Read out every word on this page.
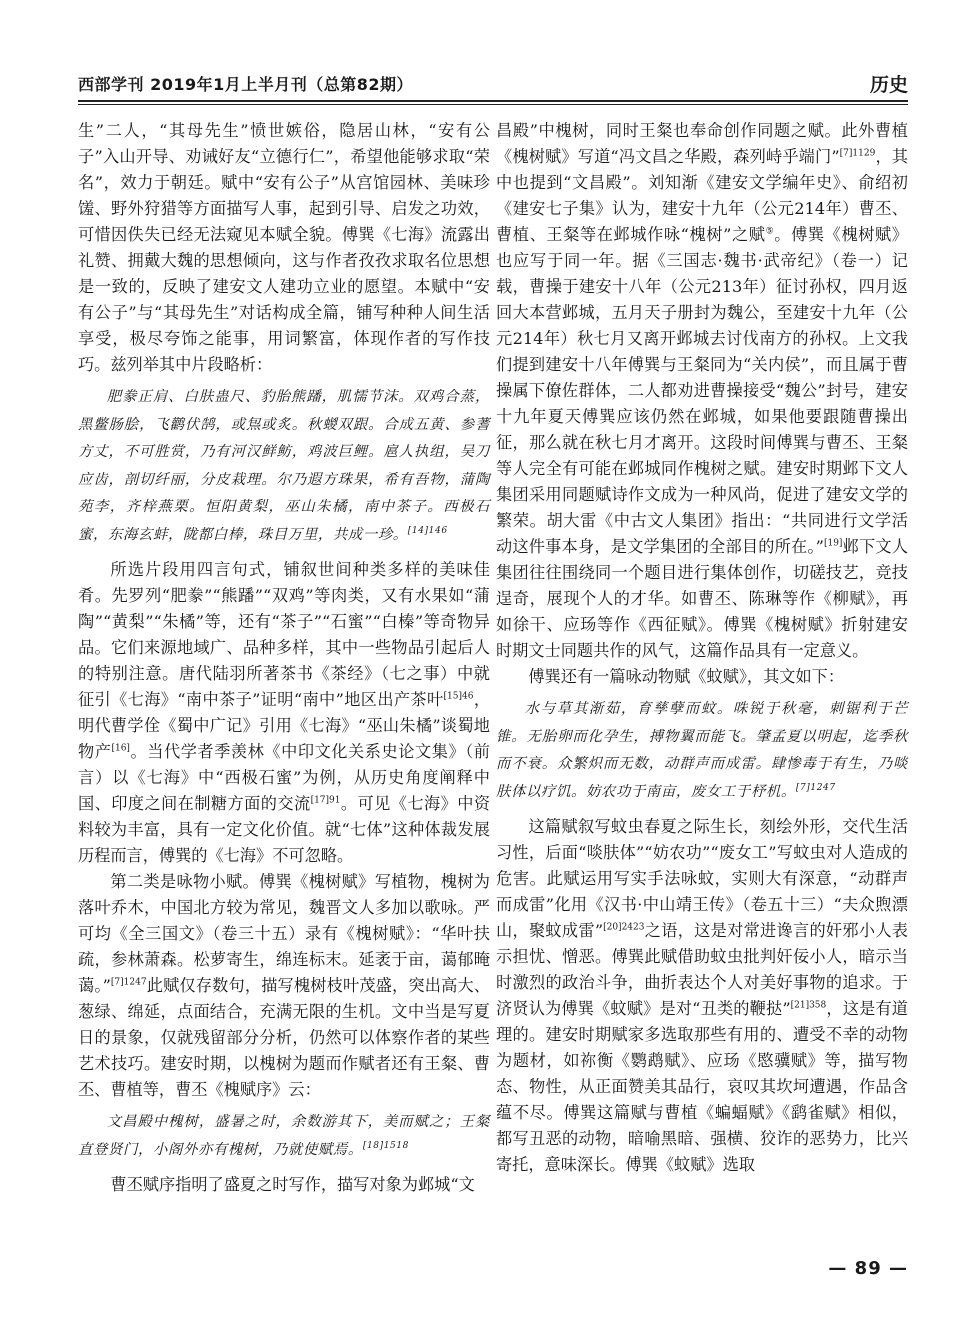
西部学刊 2019年1月上半月刊（总第82期）	历史

生”二人，“其母先生”愤世嫉俗，隐居山林，“安有公子”入山开导、劝诫好友“立德行仁”，希望他能够求取“荣名”，效力于朝廷。赋中“安有公子”从宫馆园林、美味珍馐、野外狩猎等方面描写人事，起到引导、启发之功效，可惜因佚失已经无法窥见本赋全貌。傅巽《七海》流露出礼赞、拥戴大魏的思想倾向，这与作者孜孜求取名位思想是一致的，反映了建安文人建功立业的愿望。本赋中“安有公子”与“其母先生”对话构成全篇，铺写种种人间生活享受，极尽夸饰之能事，用词繁富，体现作者的写作技巧。兹列举其中片段略析：

肥豢正肩、白肤蛊尺、豹胎熊蹯，肌懦节沫。双鸡合蒸，黑鳖肠脍，飞鹳伏鹄，或炰或炙。秋蝬双跟。合成五黄、参蓍方丈，不可胜赏，乃有河汉鲜鲂，鸡波巨鲤。扈人执组，吴刀应齿，剖切纤丽，分皮栽理。尔乃遐方珠果，希有吾物，蒲陶苑李，齐梓燕栗。恒阳黄梨，巫山朱橘，南中茶子。西极石蜜，东海玄蚌，陇都白棒，珠目万里，共成一珍。$^{[14]146}$

所选片段用四言句式，铺叙世间种类多样的美味佳肴。先罗列“肥豢”“熊蹯”“双鸡”等肉类，又有水果如“蒲陶”“黄梨”“朱橘”等，还有“茶子”“石蜜”“白榛”等奇物异品。它们来源地域广、品种多样，其中一些物品引起后人的特别注意。唐代陆羽所著茶书《茶经》（七之事）中就征引《七海》“南中茶子”证明“南中”地区出产茶叶$^{[15]46}$，明代曹学佺《蜀中广记》引用《七海》“巫山朱橘”谈蜀地物产[16]。当代学者季羡林《中印文化关系史论文集》（前言）以《七海》中“西极石蜜”为例，从历史角度阐释中国、印度之间在制糖方面的交流$^{[17]91}$。可见《七海》中资料较为丰富，具有一定文化价值。就“七体”这种体裁发展历程而言，傅巽的《七海》不可忽略。

第二类是咏物小赋。傅巽《槐树赋》写植物，槐树为落叶乔木，中国北方较为常见，魏晋文人多加以歌咏。严可均《全三国文》（卷三十五）录有《槐树赋》：“华叶扶疏，参林萧森。松萝寄生，绵连标末。延袤于亩，蔼郁晻蔼。”$^{[7]1247}$此赋仅存数句，描写槐树枝叶茂盛，突出高大、葱绿、绵延，点面结合，充满无限的生机。文中当是写夏日的景象，仅就残留部分分析，仍然可以体察作者的某些艺术技巧。建安时期，以槐树为题而作赋者还有王粲、曹丕、曹植等，曹丕《槐赋序》云：

文昌殿中槐树，盛暑之时，余数游其下，美而赋之；王粲直登贤门，小阁外亦有槐树，乃就使赋焉。$^{[18]1518}$

曹丕赋序指明了盛夏之时写作，描写对象为邺城“文

昌殿”中槐树，同时王粲也奉命创作同题之赋。此外曹植《槐树赋》写道“冯文昌之华殿，森列峙乎端门”$^{[7]1129}$，其中也提到“文昌殿”。刘知渐《建安文学编年史》、俞绍初《建安七子集》认为，建安十九年（公元214年）曹丕、曹植、王粲等在邺城作咏“槐树”之赋⑤。傅巽《槐树赋》也应写于同一年。据《三国志·魏书·武帝纪》（卷一）记载，曹操于建安十八年（公元213年）征讨孙权，四月返回大本营邺城，五月天子册封为魏公，至建安十九年（公元214年）秋七月又离开邺城去讨伐南方的孙权。上文我们提到建安十八年傅巽与王粲同为“关内侯”，而且属于曹操属下僚佐群体，二人都劝进曹操接受“魏公”封号，建安十九年夏天傅巽应该仍然在邺城，如果他要跟随曹操出征，那么就在秋七月才离开。这段时间傅巽与曹丕、王粲等人完全有可能在邺城同作槐树之赋。建安时期邺下文人集团采用同题赋诗作文成为一种风尚，促进了建安文学的繁荣。胡大雷《中古文人集团》指出：“共同进行文学活动这件事本身，是文学集团的全部目的所在。”[19]邺下文人集团往往围绕同一个题目进行集体创作，切磋技艺，竞技逞奇，展现个人的才华。如曹丕、陈琳等作《柳赋》，再如徐干、应玚等作《西征赋》。傅巽《槐树赋》折射建安时期文士同题共作的风气，这篇作品具有一定意义。

傅巽还有一篇咏动物赋《蚊赋》，其文如下：

水与草其渐茹，育孳孽而蚊。咮锐于秋毫，刺锯利于芒锥。无胎卵而化孕生，搏物翼而能飞。肇孟夏以明起，迄季秋而不衰。众繁炽而无数，动群声而成雷。肆惨毒于有生，乃啖肤体以疗饥。妨农功于南亩，废女工于杼机。$^{[7]1247}$

这篇赋叙写蚊虫春夏之际生长，刻绘外形，交代生活习性，后面“啖肤体”“妨农功”“废女工”写蚊虫对人造成的危害。此赋运用写实手法咏蚊，实则大有深意，“动群声而成雷”化用《汉书·中山靖王传》（卷五十三）“夫众煦漂山，聚蚊成雷”$^{[20]2423}$之语，这是对常进谗言的奸邪小人表示担忧、憎恶。傅巽此赋借助蚊虫批判奸佞小人，暗示当时激烈的政治斗争，曲折表达个人对美好事物的追求。于济贤认为傅巽《蚊赋》是对“丑类的鞭挞”$^{[21]358}$，这是有道理的。建安时期赋家多选取那些有用的、遭受不幸的动物为题材，如祢衡《鹦鹉赋》、应玚《愍骥赋》等，描写物态、物性，从正面赞美其品行，哀叹其坎坷遭遇，作品含蕴不尽。傅巽这篇赋与曹植《蝙蝠赋》《鹞雀赋》相似，都写丑恶的动物，暗喻黑暗、强横、狡诈的恶势力，比兴寄托，意味深长。傅巽《蚊赋》选取

— 89 —
